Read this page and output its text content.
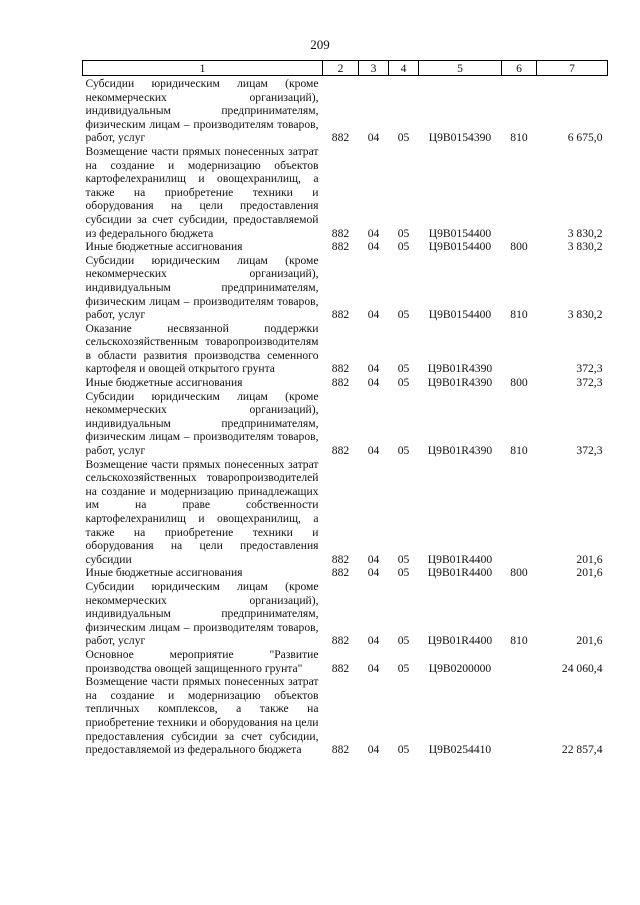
209
1	2	3	4	5	6	7
Субсидии юридическим лицам (кроме некоммерческих организаций), индивидуальным предпринимателям, физическим лицам – производителям товаров, работ, услуг	882	04	05	Ц9В0154390	810	6 675,0
Возмещение части прямых понесенных затрат на создание и модернизацию объектов картофелехранилищ и овощехранилищ, а также на приобретение техники и оборудования на цели предоставления субсидии за счет субсидии, предоставляемой из федерального бюджета	882	04	05	Ц9В0154400		3 830,2
Иные бюджетные ассигнования	882	04	05	Ц9В0154400	800	3 830,2
Субсидии юридическим лицам (кроме некоммерческих организаций), индивидуальным предпринимателям, физическим лицам – производителям товаров, работ, услуг	882	04	05	Ц9В0154400	810	3 830,2
Оказание несвязанной поддержки сельскохозяйственным товаропроизводителям в области развития производства семенного картофеля и овощей открытого грунта	882	04	05	Ц9В01R4390		372,3
Иные бюджетные ассигнования	882	04	05	Ц9В01R4390	800	372,3
Субсидии юридическим лицам (кроме некоммерческих организаций), индивидуальным предпринимателям, физическим лицам – производителям товаров, работ, услуг	882	04	05	Ц9В01R4390	810	372,3
Возмещение части прямых понесенных затрат сельскохозяйственных товаропроизводителей на создание и модернизацию принадлежащих им на праве собственности картофелехранилищ и овощехранилищ, а также на приобретение техники и оборудования на цели предоставления субсидии	882	04	05	Ц9В01R4400		201,6
Иные бюджетные ассигнования	882	04	05	Ц9В01R4400	800	201,6
Субсидии юридическим лицам (кроме некоммерческих организаций), индивидуальным предпринимателям, физическим лицам – производителям товаров, работ, услуг	882	04	05	Ц9В01R4400	810	201,6
Основное мероприятие "Развитие производства овощей защищенного грунта"	882	04	05	Ц9В0200000		24 060,4
Возмещение части прямых понесенных затрат на создание и модернизацию объектов тепличных комплексов, а также на приобретение техники и оборудования на цели предоставления субсидии за счет субсидии, предоставляемой из федерального бюджета	882	04	05	Ц9В0254410		22 857,4
